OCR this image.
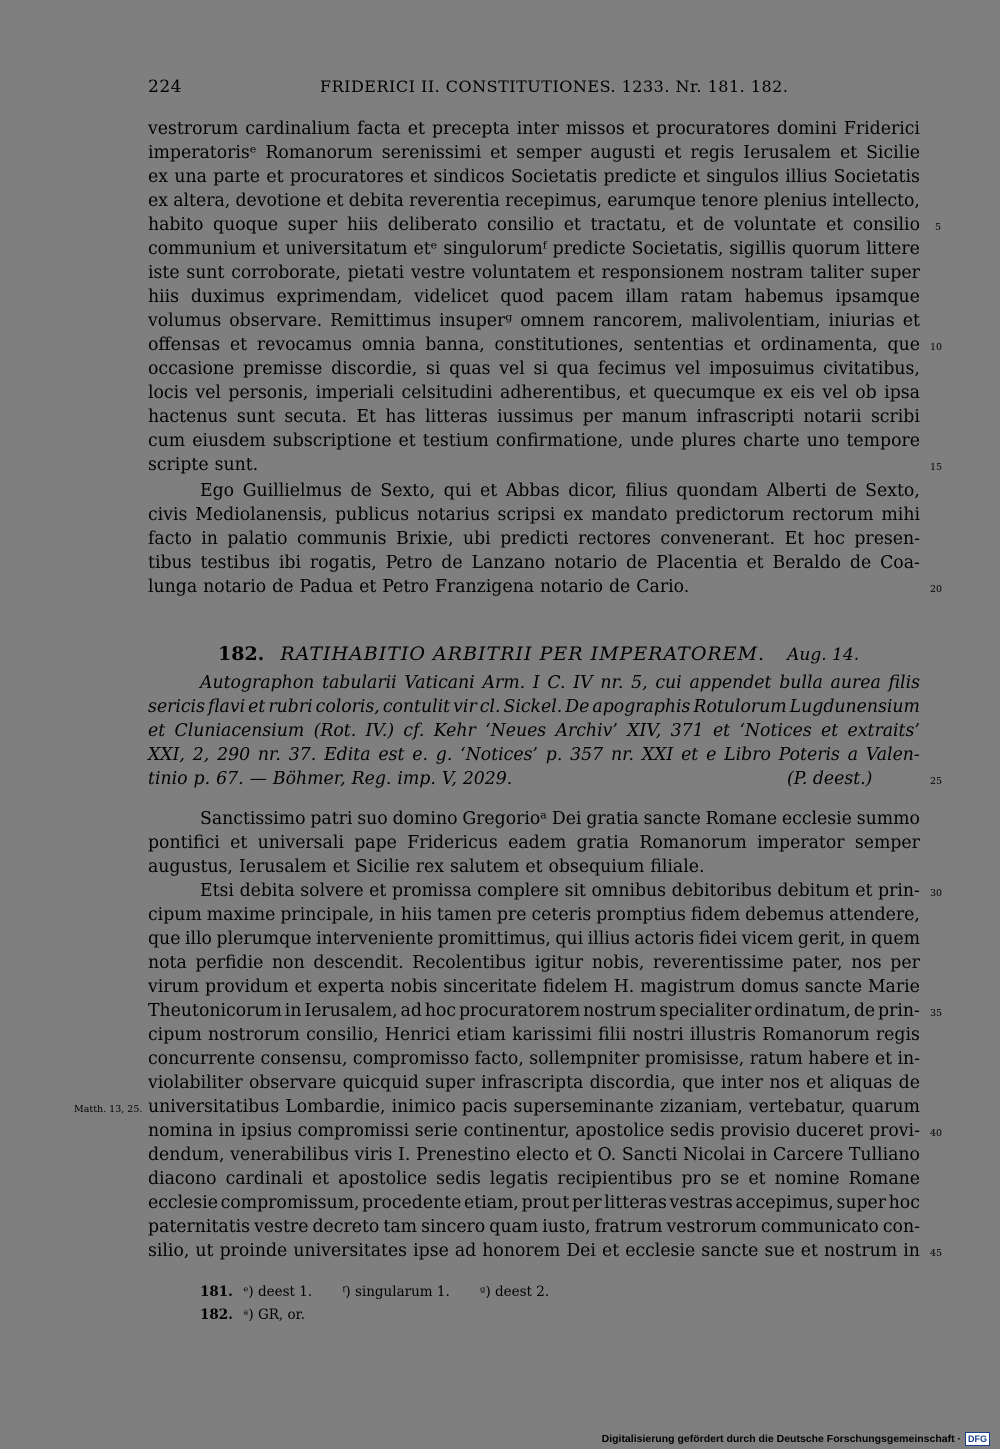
224	FRIDERICI II. CONSTITUTIONES. 1233. Nr. 181. 182.
vestrorum cardinalium facta et precepta inter missos et procuratores domini Friderici
imperatorisᵉ Romanorum serenissimi et semper augusti et regis Ierusalem et Sicilie
ex una parte et procuratores et sindicos Societatis predicte et singulos illius Societatis
ex altera, devotione et debita reverentia recepimus, earumque tenore plenius intellecto,
habito quoque super hiis deliberato consilio et tractatu, et de voluntate et consilio
communium et universitatum etᵉ singulorumᶠ predicte Societatis, sigillis quorum littere
iste sunt corroborate, pietati vestre voluntatem et responsionem nostram taliter super
hiis duximus exprimendam, videlicet quod pacem illam ratam habemus ipsamque
volumus observare. Remittimus insuperᵍ omnem rancorem, malivolentiam, iniurias et
offensas et revocamus omnia banna, constitutiones, sententias et ordinamenta, que
occasione premisse discordie, si quas vel si qua fecimus vel imposuimus civitatibus,
locis vel personis, imperiali celsitudini adherentibus, et quecumque ex eis vel ob ipsa
hactenus sunt secuta. Et has litteras iussimus per manum infrascripti notarii scribi
cum eiusdem subscriptione et testium confirmatione, unde plures charte uno tempore
scripte sunt.
Ego Guillielmus de Sexto, qui et Abbas dicor, filius quondam Alberti de Sexto,
civis Mediolanensis, publicus notarius scripsi ex mandato predictorum rectorum mihi
facto in palatio communis Brixie, ubi predicti rectores convenerant. Et hoc presen-
tibus testibus ibi rogatis, Petro de Lanzano notario de Placentia et Beraldo de Coa-
lunga notario de Padua et Petro Franzigena notario de Cario.
182. RATIHABITIO ARBITRII PER IMPERATOREM. Aug. 14.
Autographon tabularii Vaticani Arm. I C. IV nr. 5, cui appendet bulla aurea filis
sericis flavi et rubri coloris, contulit vir cl. Sickel. De apographis Rotulorum Lugdunensium
et Cluniacensium (Rot. IV.) cf. Kehr ‘Neues Archiv’ XIV, 371 et ‘Notices et extraits’
XXI, 2, 290 nr. 37. Edita est e. g. ‘Notices’ p. 357 nr. XXI et e Libro Poteris a Valen-
tinio p. 67. — Böhmer, Reg. imp. V, 2029.	(P. deest.)
Sanctissimo patri suo domino Gregorioᵃ Dei gratia sancte Romane ecclesie summo
pontifici et universali pape Fridericus eadem gratia Romanorum imperator semper
augustus, Ierusalem et Sicilie rex salutem et obsequium filiale.
Etsi debita solvere et promissa complere sit omnibus debitoribus debitum et prin-
cipum maxime principale, in hiis tamen pre ceteris promptius fidem debemus attendere,
que illo plerumque interveniente promittimus, qui illius actoris fidei vicem gerit, in quem
nota perfidie non descendit. Recolentibus igitur nobis, reverentissime pater, nos per
virum providum et experta nobis sinceritate fidelem H. magistrum domus sancte Marie
Theutonicorum in Ierusalem, ad hoc procuratorem nostrum specialiter ordinatum, de prin-
cipum nostrorum consilio, Henrici etiam karissimi filii nostri illustris Romanorum regis
concurrente consensu, compromisso facto, sollempniter promisisse, ratum habere et in-
violabiliter observare quicquid super infrascripta discordia, que inter nos et aliquas de
universitatibus Lombardie, inimico pacis superseminante zizaniam, vertebatur, quarum
nomina in ipsius compromissi serie continentur, apostolice sedis provisio duceret provi-
dendum, venerabilibus viris I. Prenestino electo et O. Sancti Nicolai in Carcere Tulliano
diacono cardinali et apostolice sedis legatis recipientibus pro se et nomine Romane
ecclesie compromissum, procedente etiam, prout per litteras vestras accepimus, super hoc
paternitatis vestre decreto tam sincero quam iusto, fratrum vestrorum communicato con-
silio, ut proinde universitates ipse ad honorem Dei et ecclesie sancte sue et nostrum in
5
10
15
20
25
30
35
40
45
Matth. 13, 25.
181. ᵉ) deest 1. ᶠ) singularum 1. ᵍ) deest 2.
182. ᵃ) GR, or.
Digitalisierung gefördert durch die Deutsche Forschungsgemeinschaft · DFG
